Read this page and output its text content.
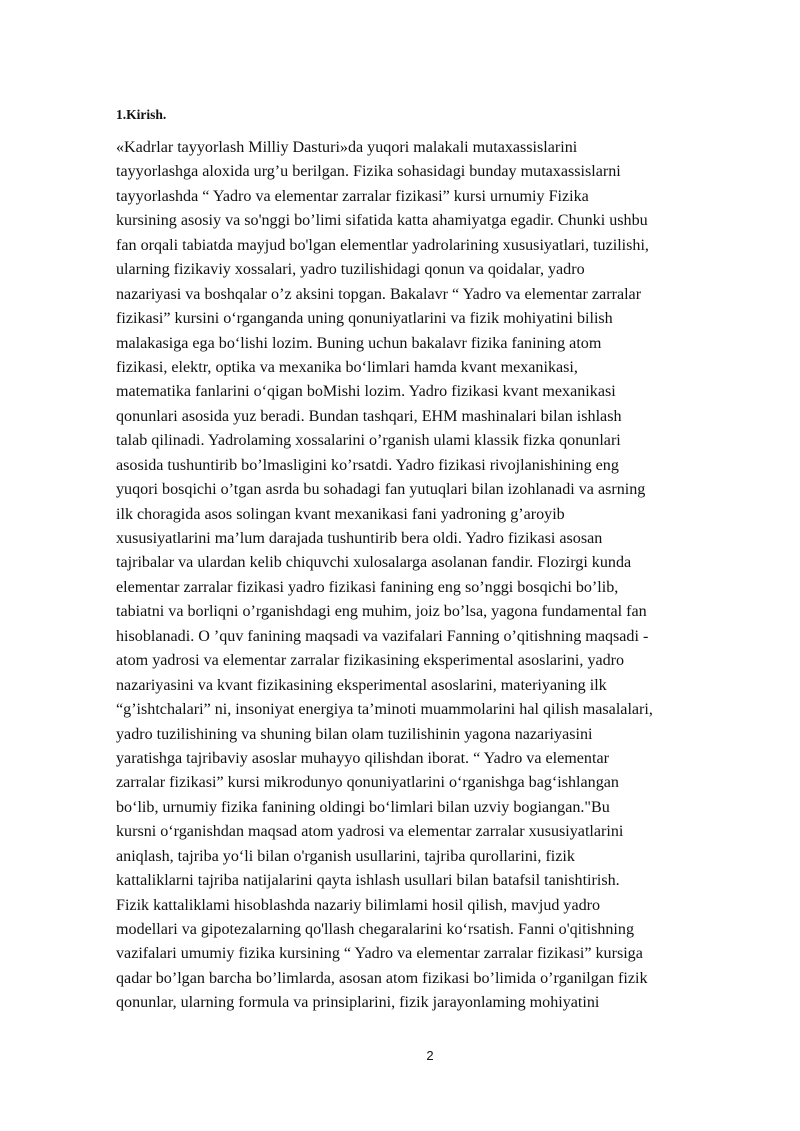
1.Kirish.
«Kadrlar tayyorlash Milliy Dasturi»da yuqori malakali mutaxassislarini
tayyorlashga aloxida urg’u berilgan. Fizika sohasidagi bunday mutaxassislarni
tayyorlashda “ Yadro va elementar zarralar fizikasi” kursi urnumiy Fizika
kursining asosiy va so'nggi bo’limi sifatida katta ahamiyatga egadir. Chunki ushbu
fan orqali tabiatda mayjud bo'lgan elementlar yadrolarining xususiyatlari, tuzilishi,
ularning fizikaviy xossalari, yadro tuzilishidagi qonun va qoidalar, yadro
nazariyasi va boshqalar o’z aksini topgan. Bakalavr “ Yadro va elementar zarralar
fizikasi” kursini o‘rganganda uning qonuniyatlarini va fizik mohiyatini bilish
malakasiga ega bo‘lishi lozim. Buning uchun bakalavr fizika fanining atom
fizikasi, elektr, optika va mexanika bo‘limlari hamda kvant mexanikasi,
matematika fanlarini o‘qigan boMishi lozim. Yadro fizikasi kvant mexanikasi
qonunlari asosida yuz beradi. Bundan tashqari, EHM mashinalari bilan ishlash
talab qilinadi. Yadrolaming xossalarini o’rganish ulami klassik fizka qonunlari
asosida tushuntirib bo’lmasligini ko’rsatdi. Yadro fizikasi rivojlanishining eng
yuqori bosqichi o’tgan asrda bu sohadagi fan yutuqlari bilan izohlanadi va asrning
ilk choragida asos solingan kvant mexanikasi fani yadroning g’aroyib
xususiyatlarini ma’lum darajada tushuntirib bera oldi. Yadro fizikasi asosan
tajribalar va ulardan kelib chiquvchi xulosalarga asolanan fandir. Flozirgi kunda
elementar zarralar fizikasi yadro fizikasi fanining eng so’nggi bosqichi bo’lib,
tabiatni va borliqni o’rganishdagi eng muhim, joiz bo’lsa, yagona fundamental fan
hisoblanadi. O ’quv fanining maqsadi va vazifalari Fanning o’qitishning maqsadi -
atom yadrosi va elementar zarralar fizikasining eksperimental asoslarini, yadro
nazariyasini va kvant fizikasining eksperimental asoslarini, materiyaning ilk
“g’ishtchalari” ni, insoniyat energiya ta’minoti muammolarini hal qilish masalalari,
yadro tuzilishining va shuning bilan olam tuzilishinin yagona nazariyasini
yaratishga tajribaviy asoslar muhayyo qilishdan iborat. “ Yadro va elementar
zarralar fizikasi” kursi mikrodunyo qonuniyatlarini o‘rganishga bag‘ishlangan
bo‘lib, urnumiy fizika fanining oldingi bo‘limlari bilan uzviy bogiangan."Bu
kursni o‘rganishdan maqsad atom yadrosi va elementar zarralar xususiyatlarini
aniqlash, tajriba yo‘li bilan o'rganish usullarini, tajriba qurollarini, fizik
kattaliklarni tajriba natijalarini qayta ishlash usullari bilan batafsil tanishtirish.
Fizik kattaliklami hisoblashda nazariy bilimlami hosil qilish, mavjud yadro
modellari va gipotezalarning qo'llash chegaralarini ko‘rsatish. Fanni o'qitishning
vazifalari umumiy fizika kursining “ Yadro va elementar zarralar fizikasi” kursiga
qadar bo’lgan barcha bo’limlarda, asosan atom fizikasi bo’limida o’rganilgan fizik
qonunlar, ularning formula va prinsiplarini, fizik jarayonlaming mohiyatini
2
